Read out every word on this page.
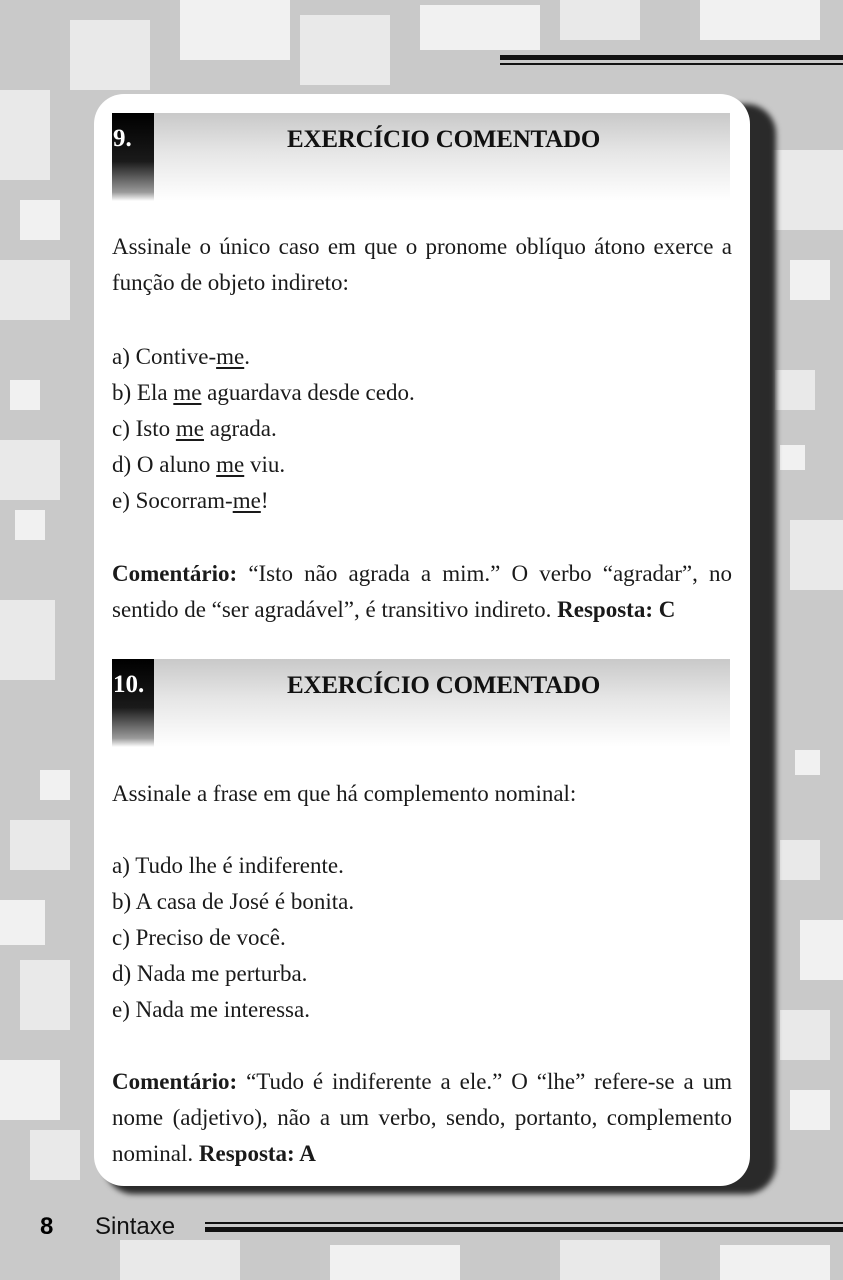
9.	EXERCÍCIO COMENTADO
Assinale o único caso em que o pronome oblíquo átono exerce a função de objeto indireto:

a) Contive-me.

b) Ela me aguardava desde cedo.

c) Isto me agrada.

d) O aluno me viu.

e) Socorram-me!

Comentário: “Isto não agrada a mim.” O verbo “agradar”, no sentido de “ser agradável”, é transitivo indireto. Resposta: C
10.	EXERCÍCIO COMENTADO
Assinale a frase em que há complemento nominal:

a) Tudo lhe é indiferente.

b) A casa de José é bonita.

c) Preciso de você.

d) Nada me perturba.

e) Nada me interessa.

Comentário: “Tudo é indiferente a ele.” O “lhe” refere-se a um nome (adjetivo), não a um verbo, sendo, portanto, complemento nominal. Resposta: A
8 Sintaxe
